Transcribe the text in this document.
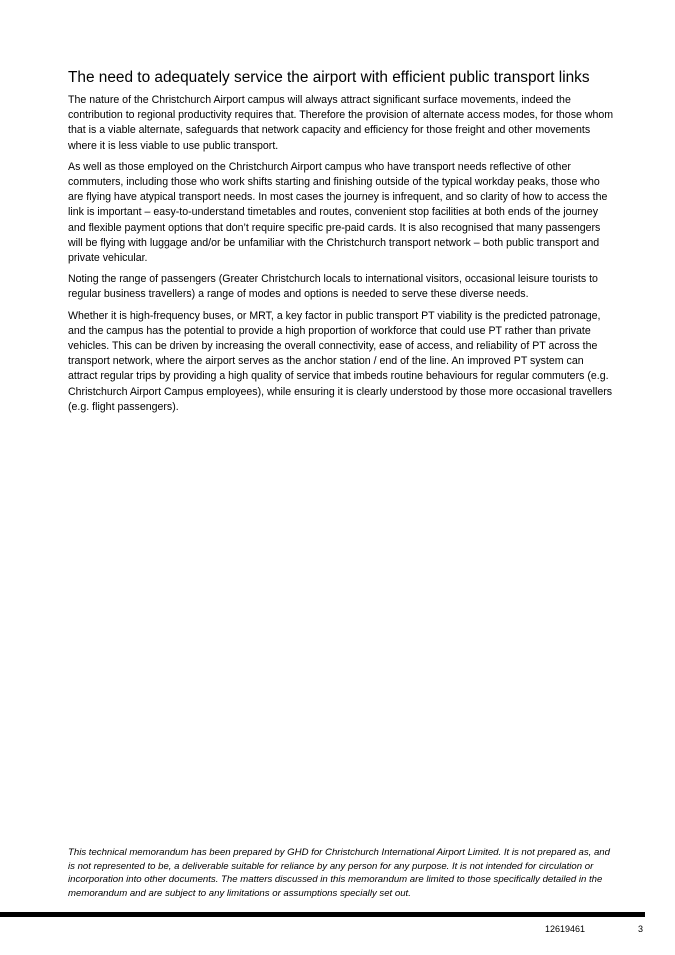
The need to adequately service the airport with efficient public transport links

The nature of the Christchurch Airport campus will always attract significant surface movements, indeed the contribution to regional productivity requires that. Therefore the provision of alternate access modes, for those whom that is a viable alternate, safeguards that network capacity and efficiency for those freight and other movements where it is less viable to use public transport.

As well as those employed on the Christchurch Airport campus who have transport needs reflective of other commuters, including those who work shifts starting and finishing outside of the typical workday peaks, those who are flying have atypical transport needs. In most cases the journey is infrequent, and so clarity of how to access the link is important – easy-to-understand timetables and routes, convenient stop facilities at both ends of the journey and flexible payment options that don’t require specific pre-paid cards. It is also recognised that many passengers will be flying with luggage and/or be unfamiliar with the Christchurch transport network – both public transport and private vehicular.

Noting the range of passengers (Greater Christchurch locals to international visitors, occasional leisure tourists to regular business travellers) a range of modes and options is needed to serve these diverse needs.

Whether it is high-frequency buses, or MRT, a key factor in public transport PT viability is the predicted patronage, and the campus has the potential to provide a high proportion of workforce that could use PT rather than private vehicles. This can be driven by increasing the overall connectivity, ease of access, and reliability of PT across the transport network, where the airport serves as the anchor station / end of the line. An improved PT system can attract regular trips by providing a high quality of service that imbeds routine behaviours for regular commuters (e.g. Christchurch Airport Campus employees), while ensuring it is clearly understood by those more occasional travellers (e.g. flight passengers).

This technical memorandum has been prepared by GHD for Christchurch International Airport Limited. It is not prepared as, and is not represented to be, a deliverable suitable for reliance by any person for any purpose. It is not intended for circulation or incorporation into other documents. The matters discussed in this memorandum are limited to those specifically detailed in the memorandum and are subject to any limitations or assumptions specially set out.

12619461	3
